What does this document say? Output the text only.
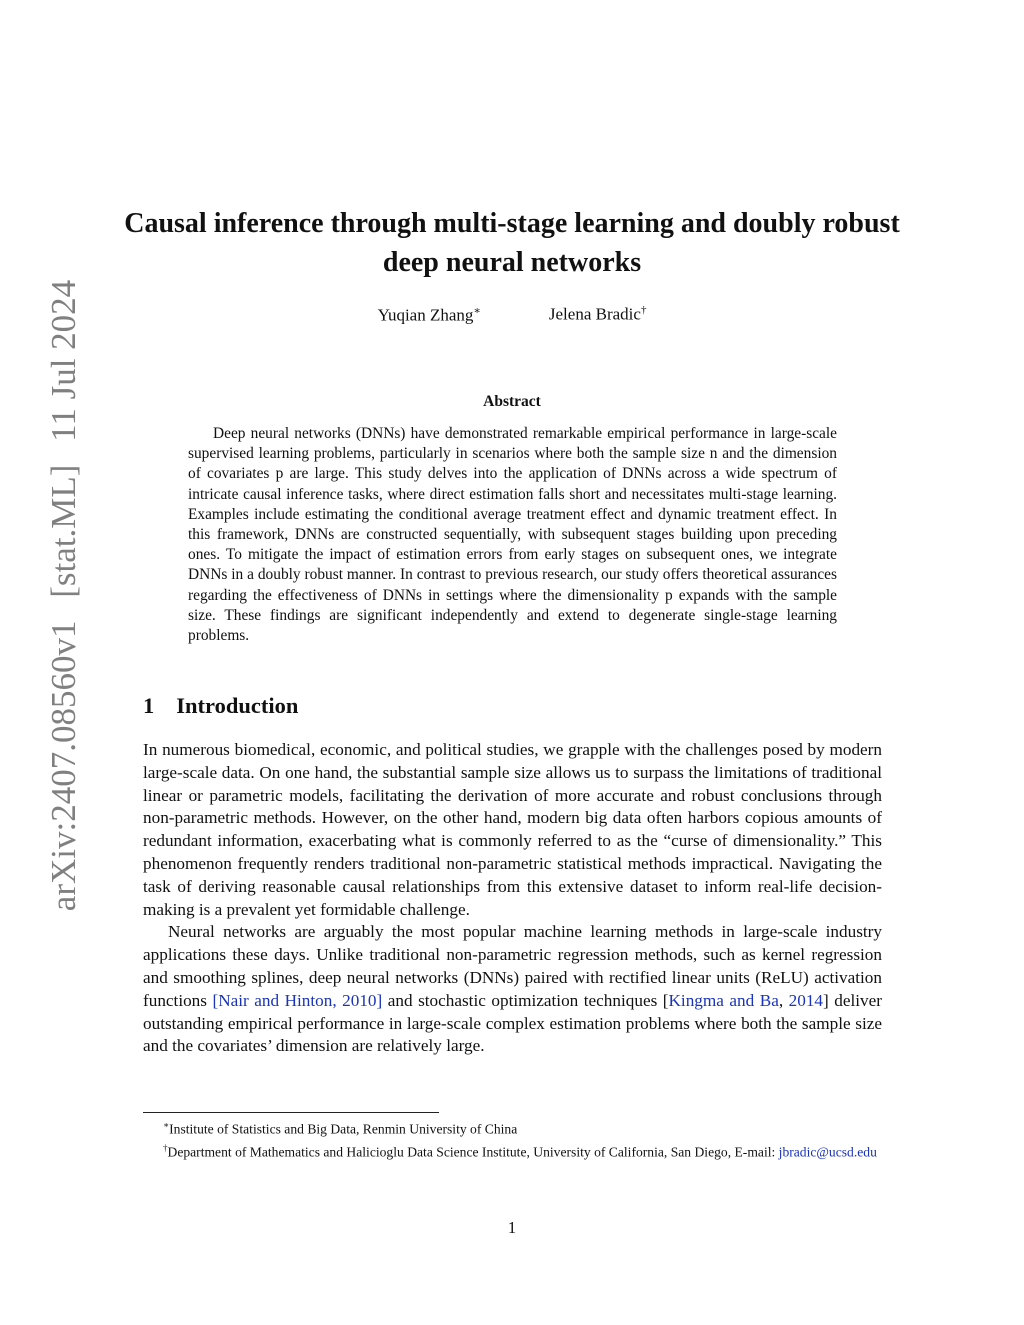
arXiv:2407.08560v1 [stat.ML] 11 Jul 2024
Causal inference through multi-stage learning and doubly robust deep neural networks
Yuqian Zhang∗	Jelena Bradic†
Abstract

Deep neural networks (DNNs) have demonstrated remarkable empirical performance in large-scale supervised learning problems, particularly in scenarios where both the sample size n and the dimension of covariates p are large. This study delves into the application of DNNs across a wide spectrum of intricate causal inference tasks, where direct estimation falls short and necessitates multi-stage learning. Examples include estimating the conditional average treatment effect and dynamic treatment effect. In this framework, DNNs are constructed sequentially, with subsequent stages building upon preceding ones. To mitigate the impact of estimation errors from early stages on subsequent ones, we integrate DNNs in a doubly robust manner. In contrast to previous research, our study offers theoretical assurances regarding the effectiveness of DNNs in settings where the dimensionality p expands with the sample size. These findings are significant independently and extend to degenerate single-stage learning problems.

1 Introduction

In numerous biomedical, economic, and political studies, we grapple with the challenges posed by modern large-scale data. On one hand, the substantial sample size allows us to surpass the limitations of traditional linear or parametric models, facilitating the derivation of more accurate and robust conclusions through non-parametric methods. However, on the other hand, modern big data often harbors copious amounts of redundant information, exacerbating what is commonly referred to as the “curse of dimensionality.” This phenomenon frequently renders traditional non-parametric statistical methods impractical. Navigating the task of deriving reasonable causal relationships from this extensive dataset to inform real-life decision-making is a prevalent yet formidable challenge.

Neural networks are arguably the most popular machine learning methods in large-scale industry applications these days. Unlike traditional non-parametric regression methods, such as kernel regression and smoothing splines, deep neural networks (DNNs) paired with rectified linear units (ReLU) activation functions [Nair and Hinton, 2010] and stochastic optimization techniques [Kingma and Ba, 2014] deliver outstanding empirical performance in large-scale complex estimation problems where both the sample size and the covariates’ dimension are relatively large.

∗Institute of Statistics and Big Data, Renmin University of China

†Department of Mathematics and Halicioglu Data Science Institute, University of California, San Diego, E-mail: jbradic@ucsd.edu

1
